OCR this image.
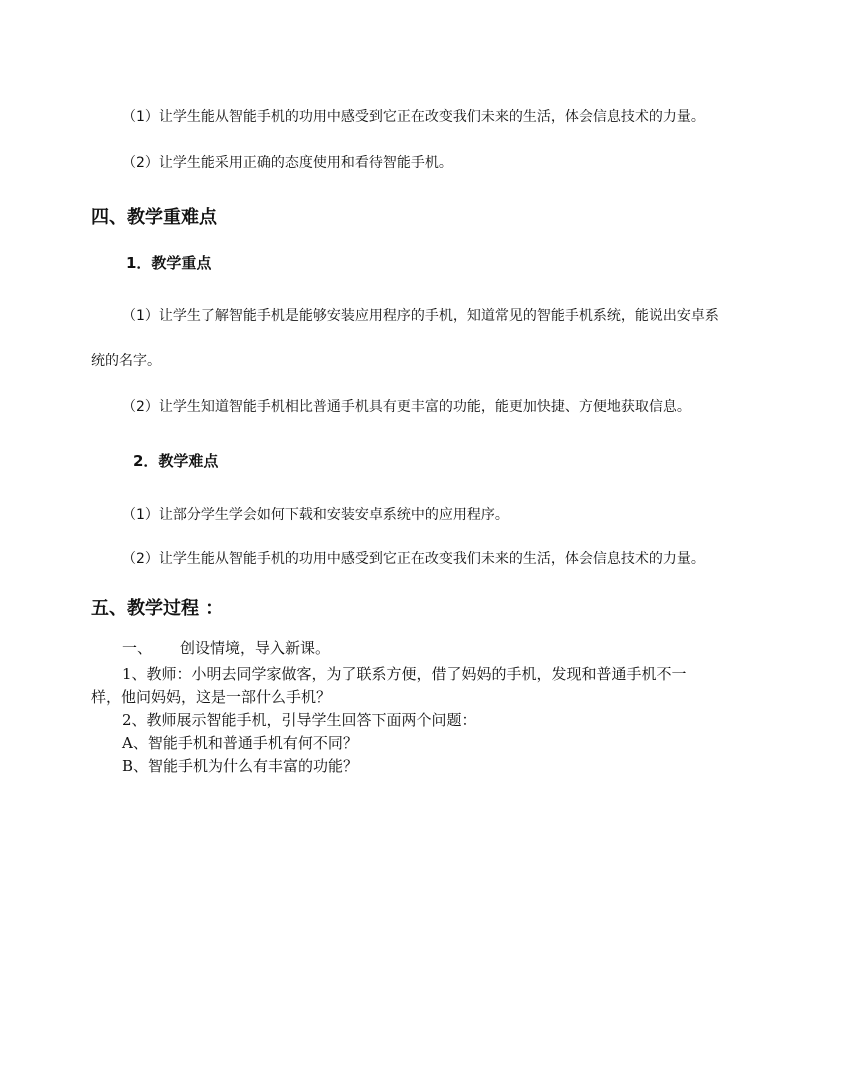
（1）让学生能从智能手机的功用中感受到它正在改变我们未来的生活，体会信息技术的力量。
（2）让学生能采用正确的态度使用和看待智能手机。
四、教学重难点
1．教学重点
（1）让学生了解智能手机是能够安装应用程序的手机，知道常见的智能手机系统，能说出安卓系
统的名字。
（2）让学生知道智能手机相比普通手机具有更丰富的功能，能更加快捷、方便地获取信息。
2．教学难点
（1）让部分学生学会如何下载和安装安卓系统中的应用程序。
（2）让学生能从智能手机的功用中感受到它正在改变我们未来的生活，体会信息技术的力量。
五、教学过程 ：
一、 创设情境，导入新课。
1、教师：小明去同学家做客，为了联系方便，借了妈妈的手机，发现和普通手机不一
样，他问妈妈，这是一部什么手机？
2、教师展示智能手机，引导学生回答下面两个问题：
A、智能手机和普通手机有何不同？
B、智能手机为什么有丰富的功能？
